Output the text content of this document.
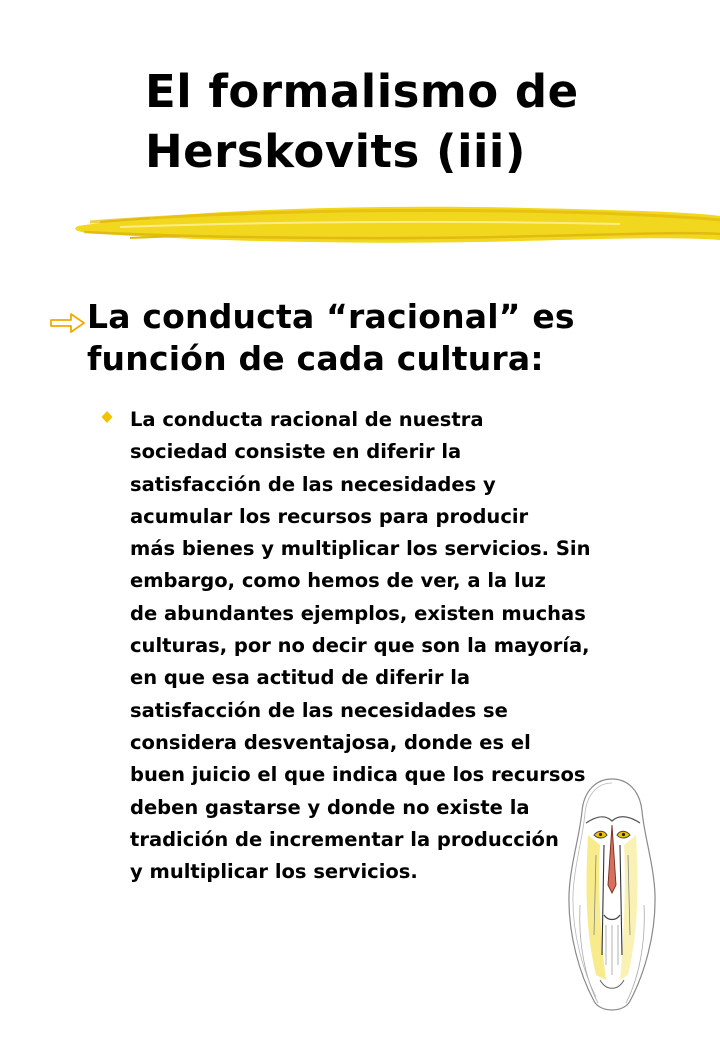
El formalismo de
Herskovits (iii)
La conducta “racional” es
función de cada cultura:
La conducta racional de nuestra
sociedad consiste en diferir la
satisfacción de las necesidades y
acumular los recursos para producir
más bienes y multiplicar los servicios. Sin
embargo, como hemos de ver, a la luz
de abundantes ejemplos, existen muchas
culturas, por no decir que son la mayoría,
en que esa actitud de diferir la
satisfacción de las necesidades se
considera desventajosa, donde es el
buen juicio el que indica que los recursos
deben gastarse y donde no existe la
tradición de incrementar la producción
y multiplicar los servicios.
